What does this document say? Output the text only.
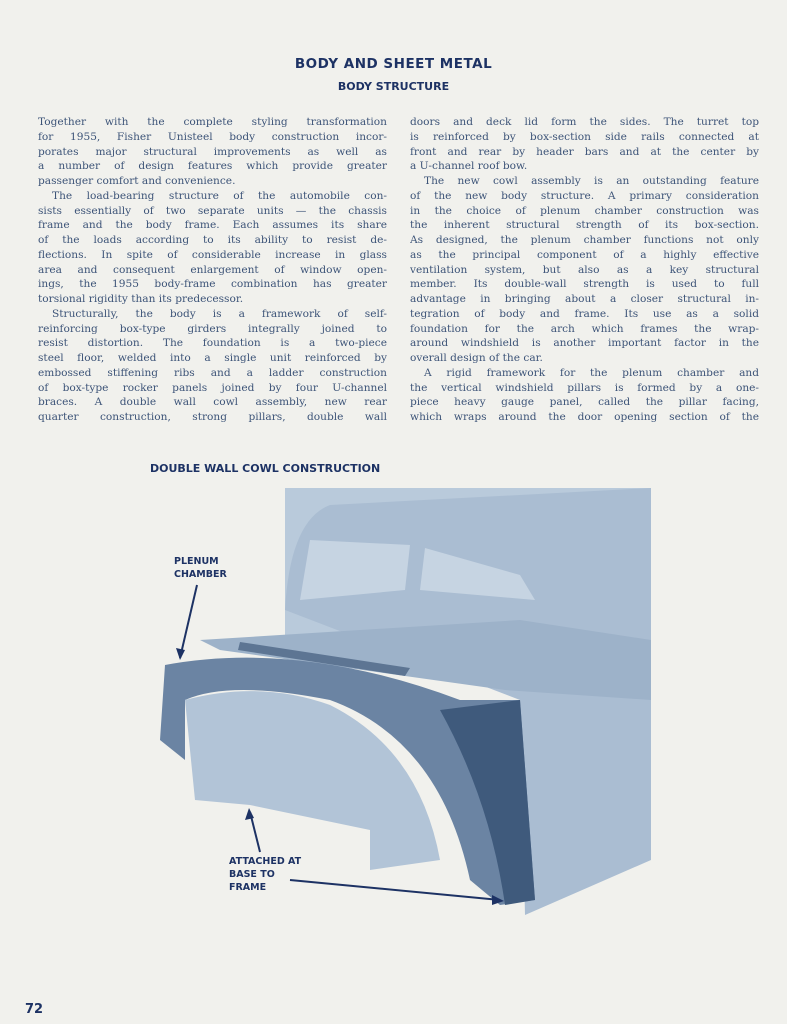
BODY AND SHEET METAL
BODY STRUCTURE
Together with the complete styling transformation
for 1955, Fisher Unisteel body construction incor-
porates major structural improvements as well as
a number of design features which provide greater
passenger comfort and convenience.
The load-bearing structure of the automobile con-
sists essentially of two separate units — the chassis
frame and the body frame. Each assumes its share
of the loads according to its ability to resist de-
flections. In spite of considerable increase in glass
area and consequent enlargement of window open-
ings, the 1955 body-frame combination has greater
torsional rigidity than its predecessor.
Structurally, the body is a framework of self-
reinforcing box-type girders integrally joined to
resist distortion. The foundation is a two-piece
steel floor, welded into a single unit reinforced by
embossed stiffening ribs and a ladder construction
of box-type rocker panels joined by four U-channel
braces. A double wall cowl assembly, new rear
quarter construction, strong pillars, double wall
doors and deck lid form the sides. The turret top
is reinforced by box-section side rails connected at
front and rear by header bars and at the center by
a U-channel roof bow.
The new cowl assembly is an outstanding feature
of the new body structure. A primary consideration
in the choice of plenum chamber construction was
the inherent structural strength of its box-section.
As designed, the plenum chamber functions not only
as the principal component of a highly effective
ventilation system, but also as a key structural
member. Its double-wall strength is used to full
advantage in bringing about a closer structural in-
tegration of body and frame. Its use as a solid
foundation for the arch which frames the wrap-
around windshield is another important factor in the
overall design of the car.
A rigid framework for the plenum chamber and
the vertical windshield pillars is formed by a one-
piece heavy gauge panel, called the pillar facing,
which wraps around the door opening section of the
DOUBLE WALL COWL CONSTRUCTION
PLENUM
CHAMBER
ATTACHED AT
BASE TO
FRAME
72
